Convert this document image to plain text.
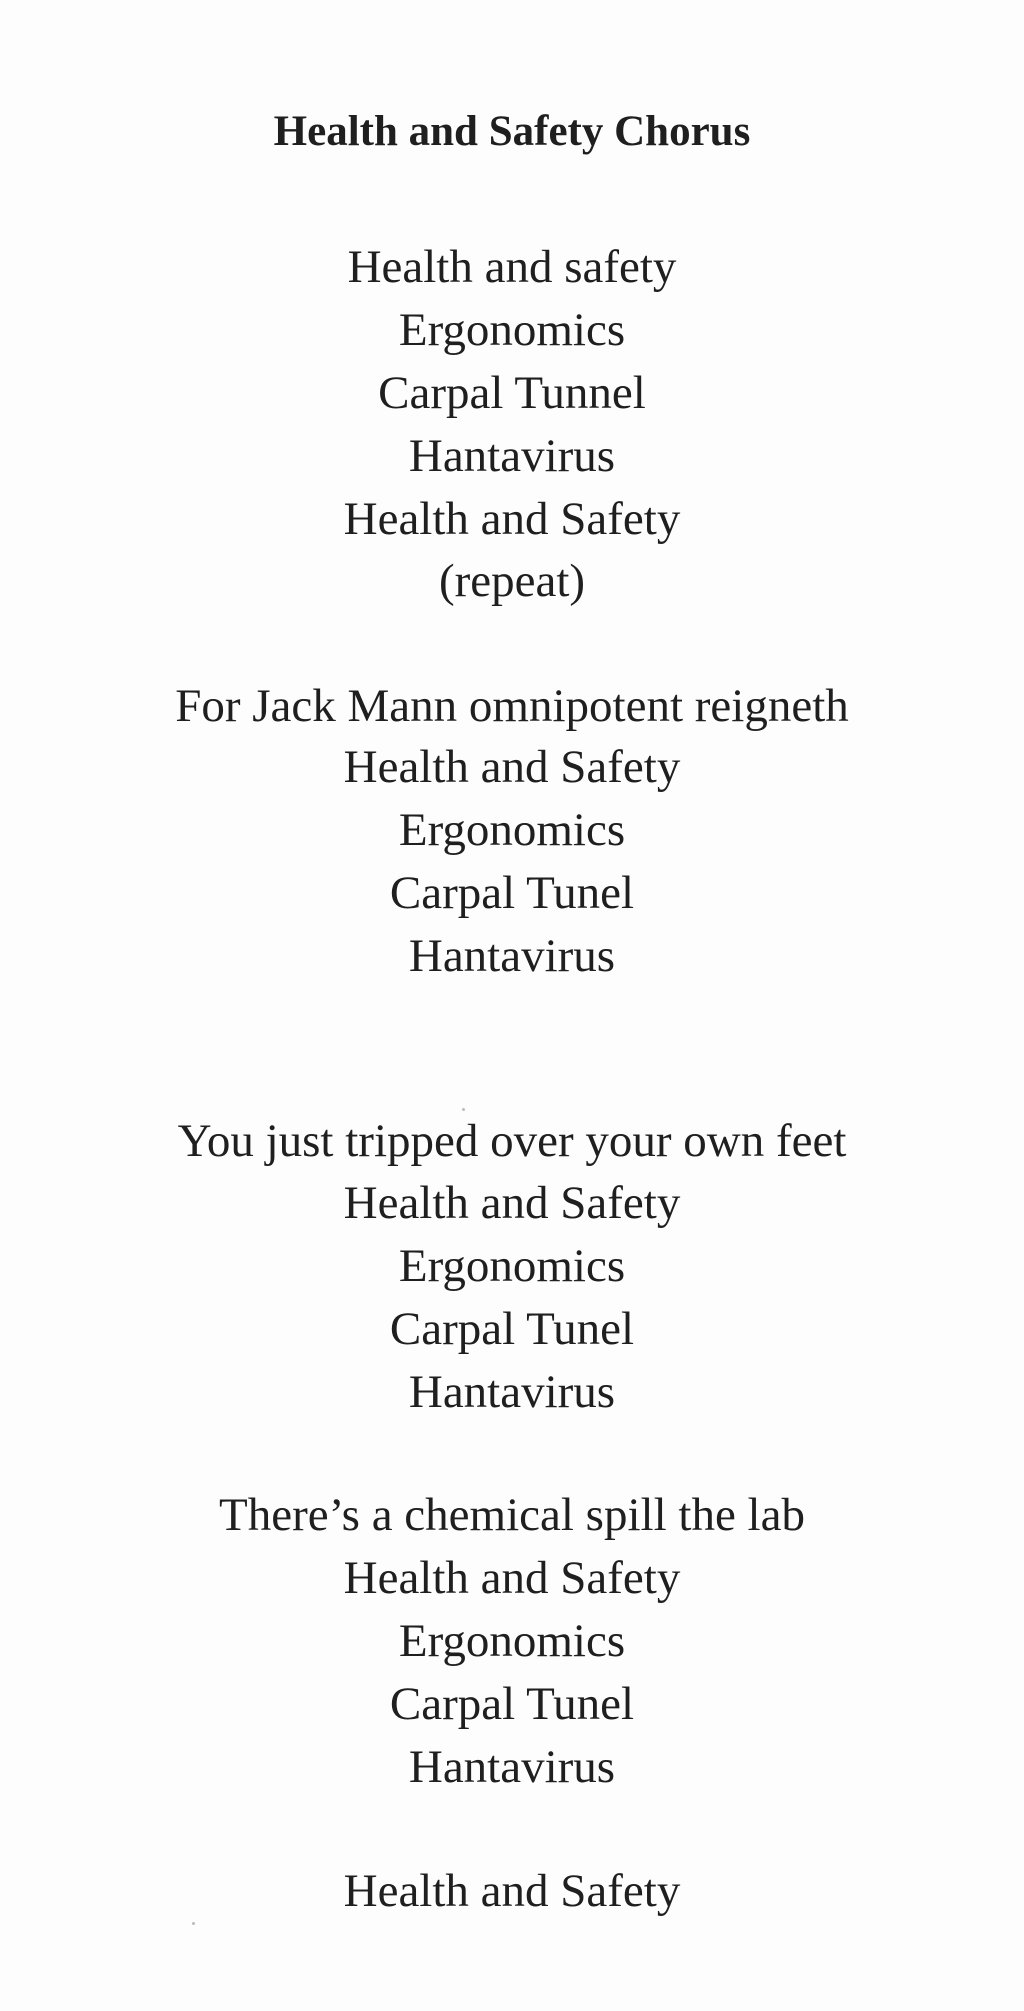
Health and Safety Chorus
Health and safety
Ergonomics
Carpal Tunnel
Hantavirus
Health and Safety
(repeat)
For Jack Mann omnipotent reigneth
Health and Safety
Ergonomics
Carpal Tunel
Hantavirus
You just tripped over your own feet
Health and Safety
Ergonomics
Carpal Tunel
Hantavirus
There’s a chemical spill the lab
Health and Safety
Ergonomics
Carpal Tunel
Hantavirus
Health and Safety
